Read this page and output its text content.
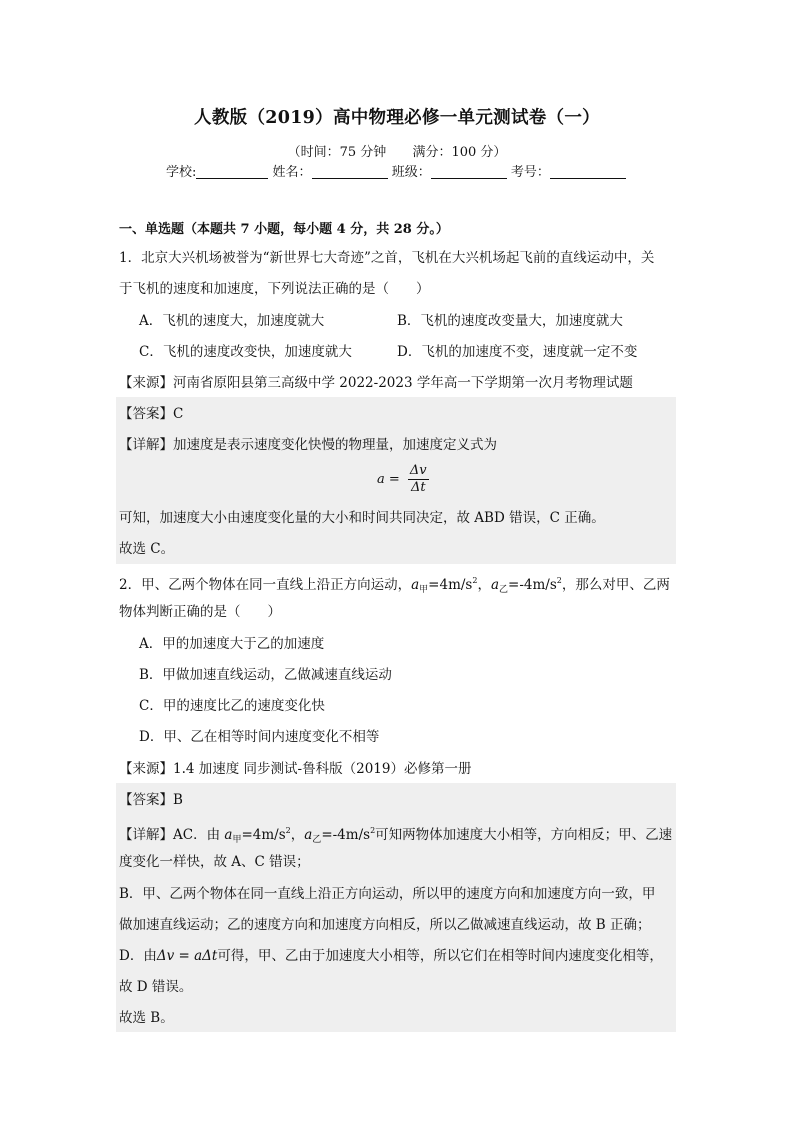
人教版（2019）高中物理必修一单元测试卷（一）
（时间：75 分钟 满分：100 分）
学校:	姓名：	班级：	考号：
一、单选题（本题共 7 小题，每小题 4 分，共 28 分。）
1．北京大兴机场被誉为“新世界七大奇迹”之首，飞机在大兴机场起飞前的直线运动中，关
于飞机的速度和加速度，下列说法正确的是（　　）
A．飞机的速度大，加速度就大	B．飞机的速度改变量大，加速度就大
C．飞机的速度改变快，加速度就大	D．飞机的加速度不变，速度就一定不变
【来源】河南省原阳县第三高级中学 2022-2023 学年高一下学期第一次月考物理试题
【答案】C
【详解】加速度是表示速度变化快慢的物理量，加速度定义式为
$a = \frac{\Delta v}{\Delta t}$
可知，加速度大小由速度变化量的大小和时间共同决定，故 ABD 错误，C 正确。
故选 C。
2．甲、乙两个物体在同一直线上沿正方向运动，$a_甲=4m/s^2$，$a_乙=-4m/s^2$，那么对甲、乙两
物体判断正确的是（　　）
A．甲的加速度大于乙的加速度
B．甲做加速直线运动，乙做减速直线运动
C．甲的速度比乙的速度变化快
D．甲、乙在相等时间内速度变化不相等
【来源】1.4 加速度 同步测试-鲁科版（2019）必修第一册
【答案】B
【详解】AC．由 $a_甲=4m/s^2$，$a_乙=-4m/s^2$可知两物体加速度大小相等，方向相反；甲、乙速
度变化一样快，故 A、C 错误；
B．甲、乙两个物体在同一直线上沿正方向运动，所以甲的速度方向和加速度方向一致，甲
做加速直线运动；乙的速度方向和加速度方向相反，所以乙做减速直线运动，故 B 正确；
D．由Δv = aΔt可得，甲、乙由于加速度大小相等，所以它们在相等时间内速度变化相等，
故 D 错误。
故选 B。
